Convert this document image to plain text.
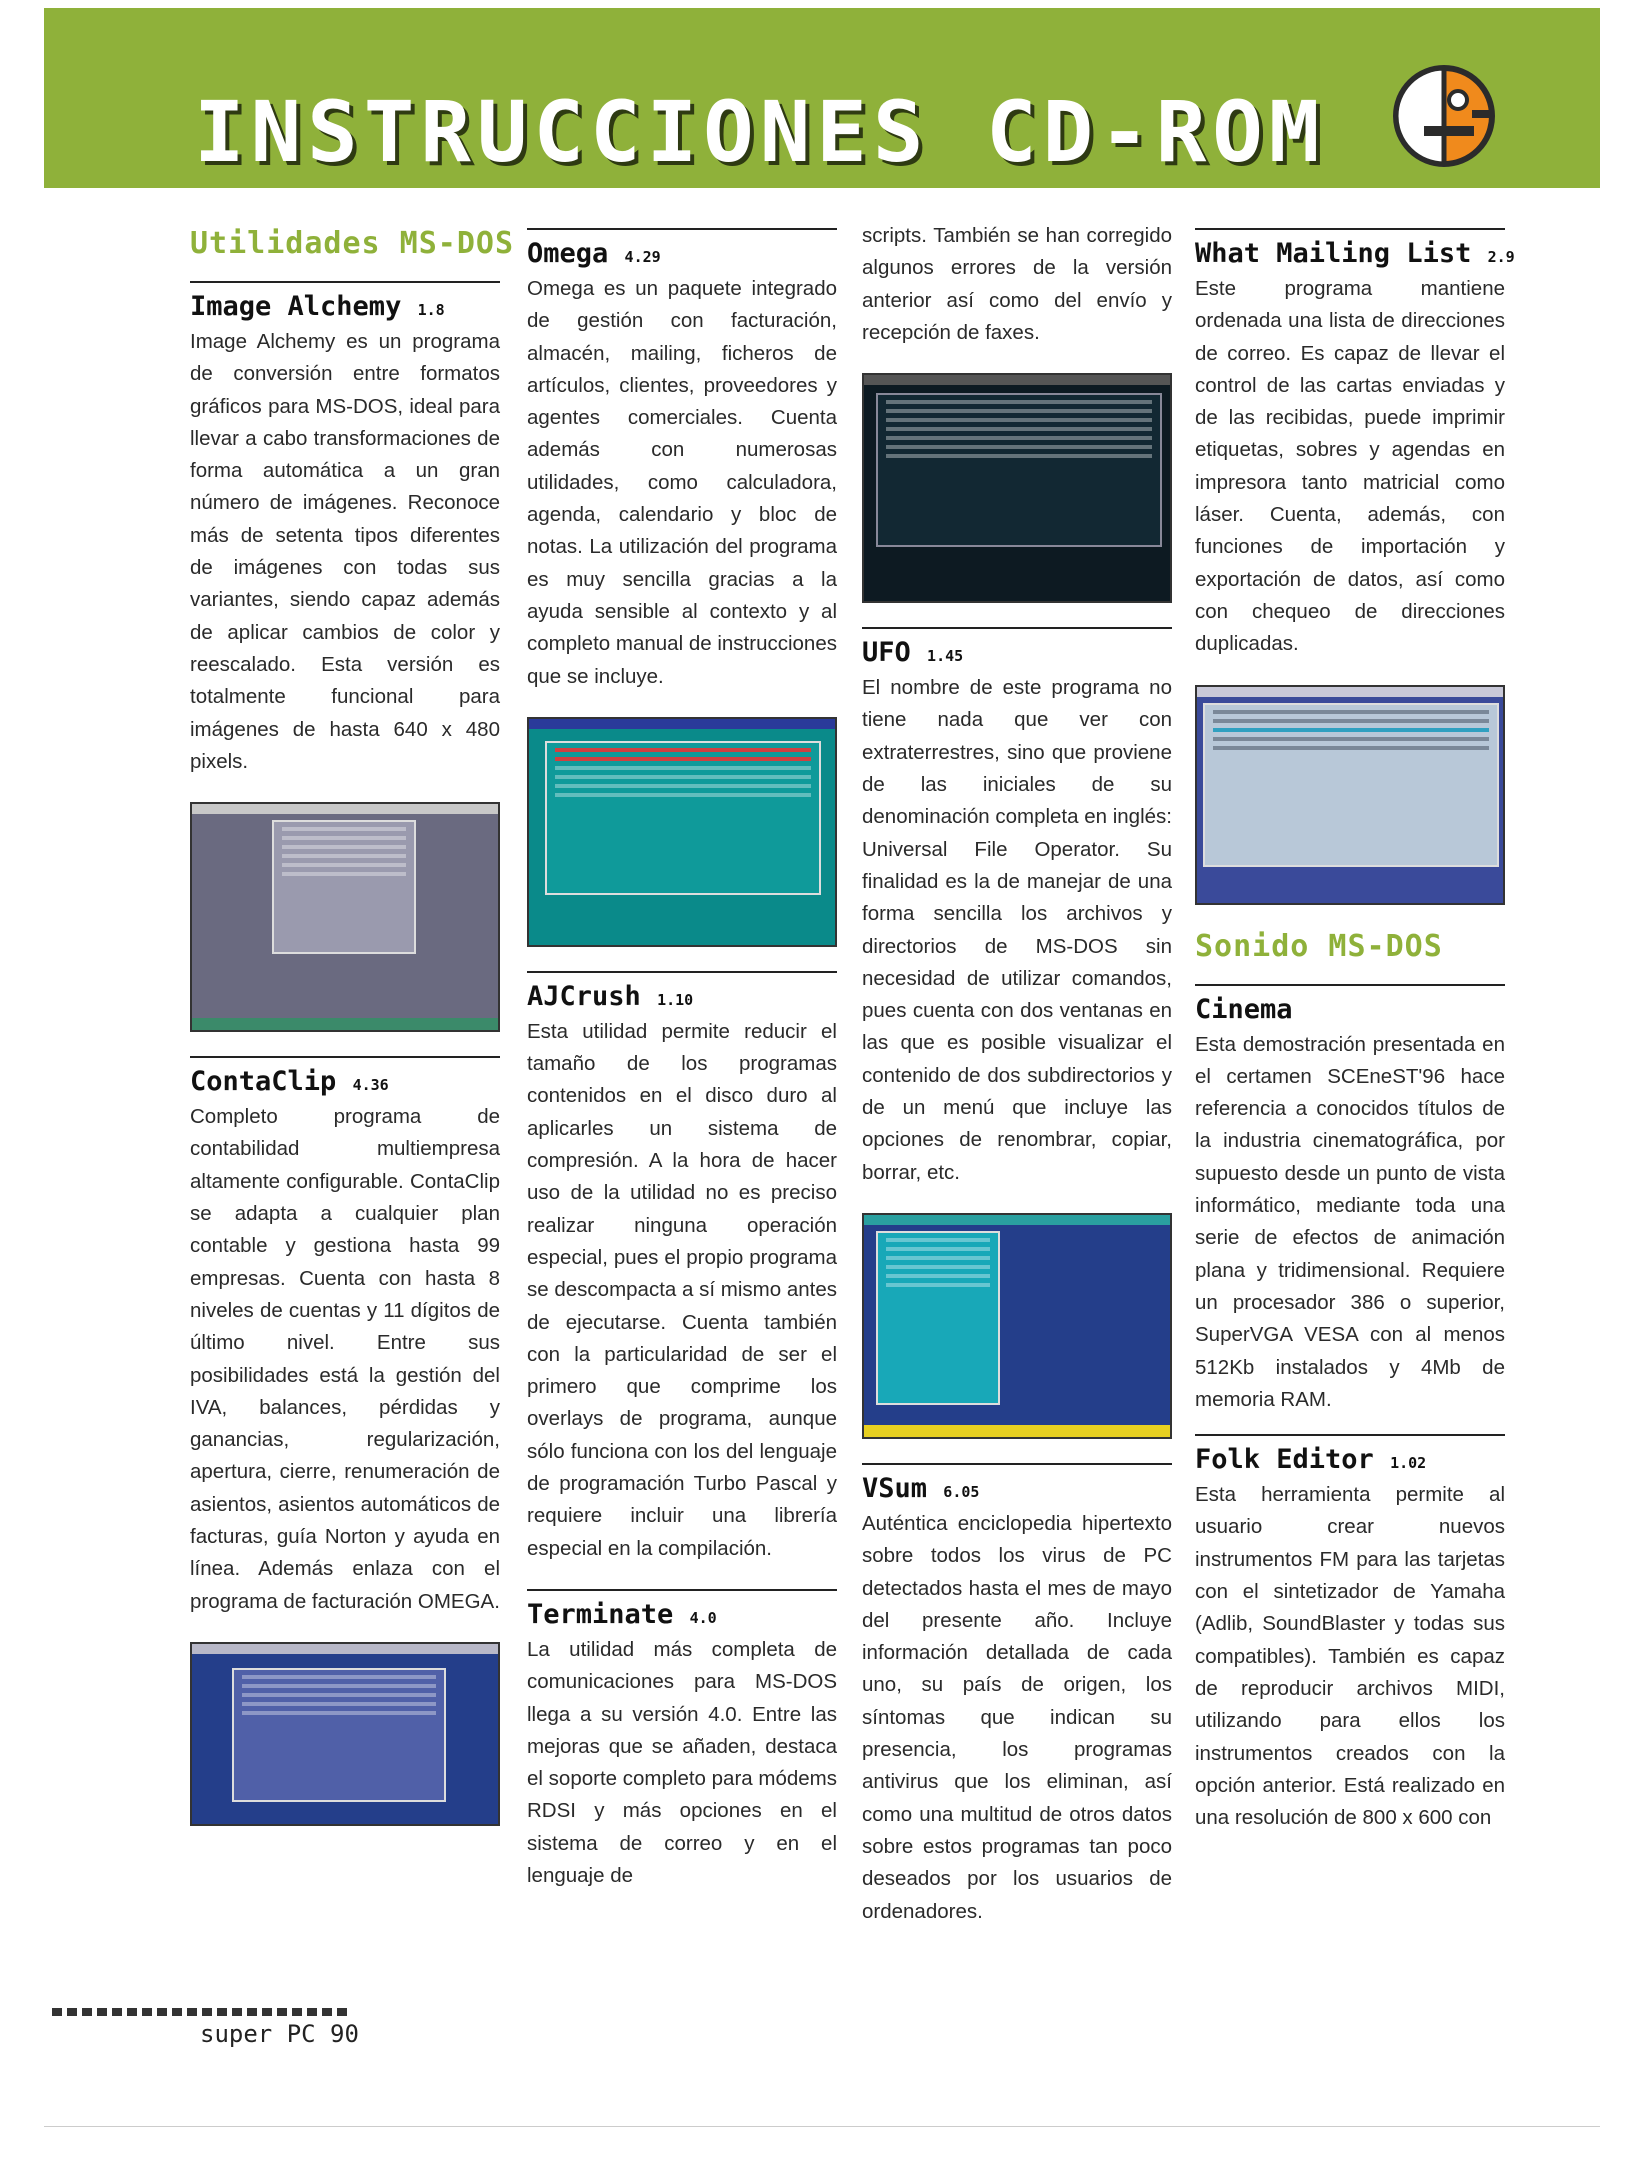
INSTRUCCIONES CD-ROM
Utilidades MS-DOS
Image Alchemy 1.8

Image Alchemy es un programa de conversión entre formatos gráficos para MS-DOS, ideal para llevar a cabo transformaciones de forma automática a un gran número de imágenes. Reconoce más de setenta tipos diferentes de imágenes con todas sus variantes, siendo capaz además de aplicar cambios de color y reescalado. Esta versión es totalmente funcional para imágenes de hasta 640 x 480 pixels.

ContaClip 4.36

Completo programa de contabilidad multiempresa altamente configurable. ContaClip se adapta a cualquier plan contable y gestiona hasta 99 empresas. Cuenta con hasta 8 niveles de cuentas y 11 dígitos de último nivel. Entre sus posibilidades está la gestión del IVA, balances, pérdidas y ganancias, regularización, apertura, cierre, renumeración de asientos, asientos automáticos de facturas, guía Norton y ayuda en línea. Además enlaza con el programa de facturación OMEGA.

Omega 4.29

Omega es un paquete integrado de gestión con facturación, almacén, mailing, ficheros de artículos, clientes, proveedores y agentes comerciales. Cuenta además con numerosas utilidades, como calculadora, agenda, calendario y bloc de notas. La utilización del programa es muy sencilla gracias a la ayuda sensible al contexto y al completo manual de instrucciones que se incluye.

AJCrush 1.10

Esta utilidad permite reducir el tamaño de los programas contenidos en el disco duro al aplicarles un sistema de compresión. A la hora de hacer uso de la utilidad no es preciso realizar ninguna operación especial, pues el propio programa se descompacta a sí mismo antes de ejecutarse. Cuenta también con la particularidad de ser el primero que comprime los overlays de programa, aunque sólo funciona con los del lenguaje de programación Turbo Pascal y requiere incluir una librería especial en la compilación.

Terminate 4.0

La utilidad más completa de comunicaciones para MS-DOS llega a su versión 4.0. Entre las mejoras que se añaden, destaca el soporte completo para módems RDSI y más opciones en el sistema de correo y en el lenguaje de

scripts. También se han corregido algunos errores de la versión anterior así como del envío y recepción de faxes.

UFO 1.45

El nombre de este programa no tiene nada que ver con extraterrestres, sino que proviene de las iniciales de su denominación completa en inglés: Universal File Operator. Su finalidad es la de manejar de una forma sencilla los archivos y directorios de MS-DOS sin necesidad de utilizar comandos, pues cuenta con dos ventanas en las que es posible visualizar el contenido de dos subdirectorios y de un menú que incluye las opciones de renombrar, copiar, borrar, etc.

VSum 6.05

Auténtica enciclopedia hipertexto sobre todos los virus de PC detectados hasta el mes de mayo del presente año. Incluye información detallada de cada uno, su país de origen, los síntomas que indican su presencia, los programas antivirus que los eliminan, así como una multitud de otros datos sobre estos programas tan poco deseados por los usuarios de ordenadores.

What Mailing List 2.9

Este programa mantiene ordenada una lista de direcciones de correo. Es capaz de llevar el control de las cartas enviadas y de las recibidas, puede imprimir etiquetas, sobres y agendas en impresora tanto matricial como láser. Cuenta, además, con funciones de importación y exportación de datos, así como con chequeo de direcciones duplicadas.

Sonido MS-DOS
Cinema

Esta demostración presentada en el certamen SCEneST'96 hace referencia a conocidos títulos de la industria cinematográfica, por supuesto desde un punto de vista informático, mediante toda una serie de efectos de animación plana y tridimensional. Requiere un procesador 386 o superior, SuperVGA VESA con al menos 512Kb instalados y 4Mb de memoria RAM.

Folk Editor 1.02

Esta herramienta permite al usuario crear nuevos instrumentos FM para las tarjetas con el sintetizador de Yamaha (Adlib, SoundBlaster y todas sus compatibles). También es capaz de reproducir archivos MIDI, utilizando para ellos los instrumentos creados con la opción anterior. Está realizado en una resolución de 800 x 600 con

super PC 90
